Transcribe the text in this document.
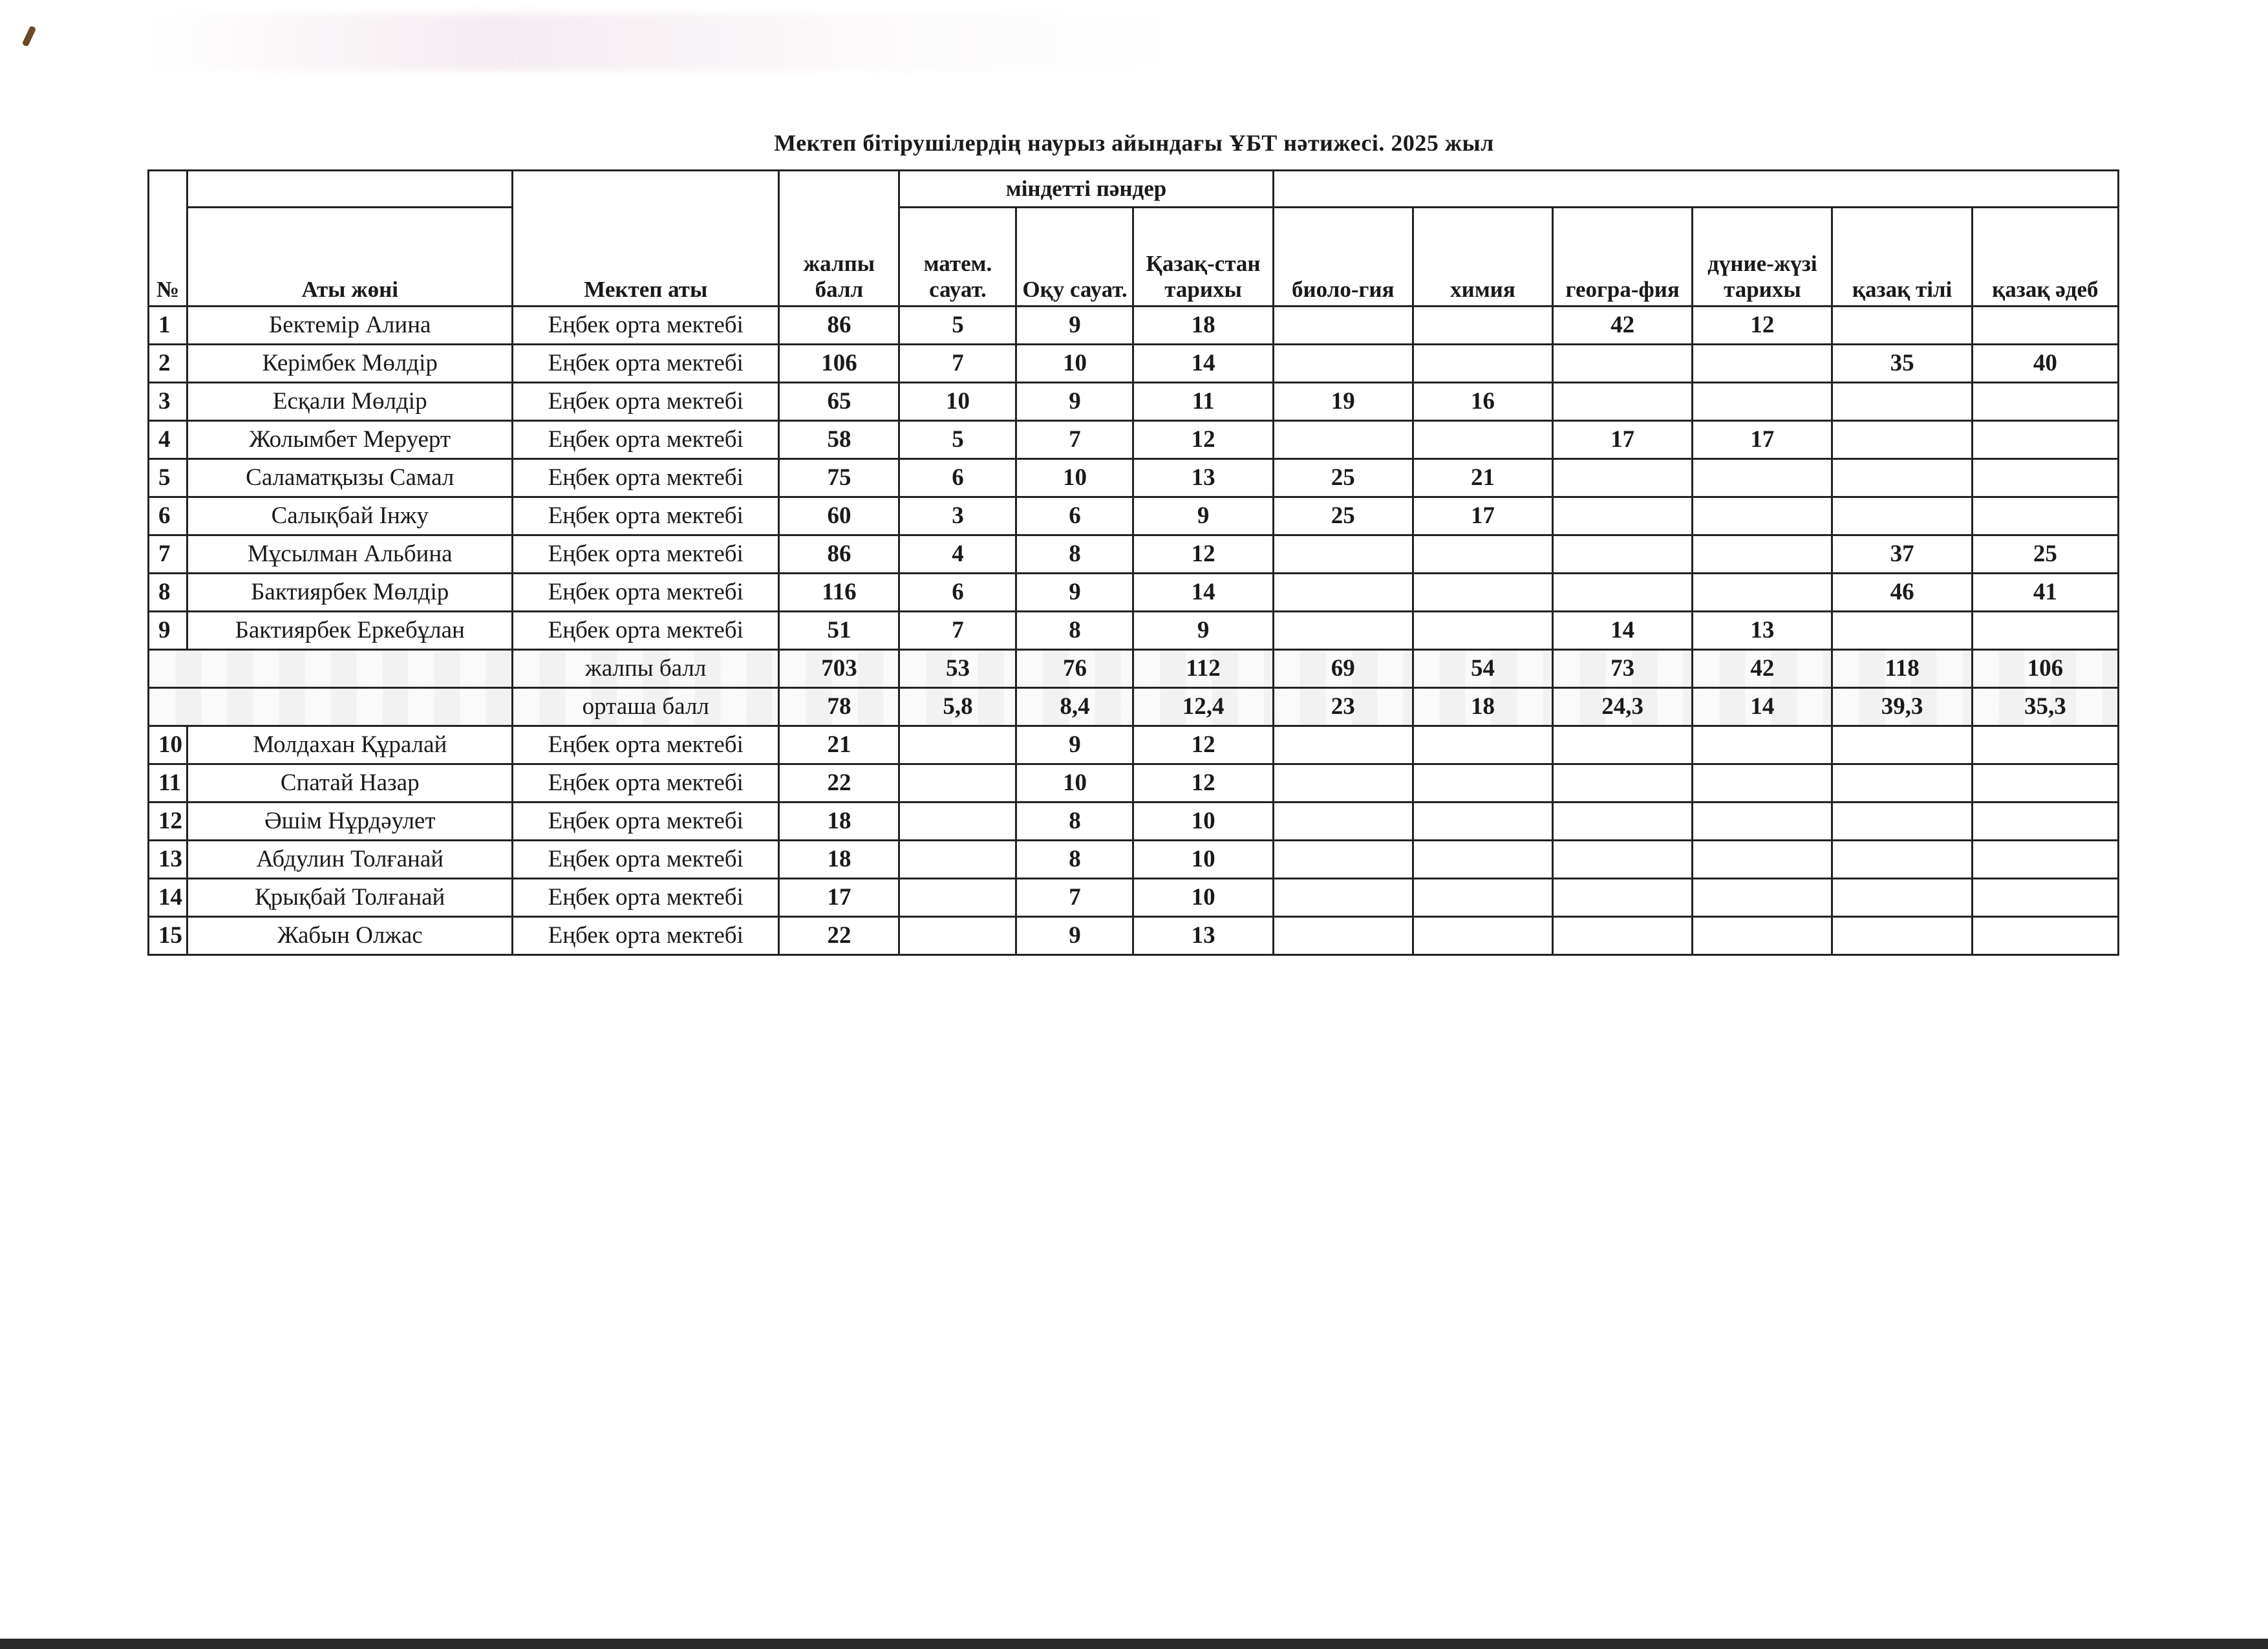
Мектеп бітірушілердің наурыз айындағы ҰБТ нәтижесі. 2025 жыл
№		Мектеп аты	жалпы балл	міндетті пәндер								
	Аты жөні			матем. сауат.	Оқу сауат.	Қазақ-стан тарихы	биоло-гия	химия	геогра-фия	дүние-жүзі тарихы	қазақ тілі	қазақ әдеб
1	Бектемір Алина	Еңбек орта мектебі	86	5	9	18			42	12		
2	Керімбек Мөлдір	Еңбек орта мектебі	106	7	10	14					35	40
3	Есқали Мөлдір	Еңбек орта мектебі	65	10	9	11	19	16				
4	Жолымбет Меруерт	Еңбек орта мектебі	58	5	7	12			17	17		
5	Саламатқызы Самал	Еңбек орта мектебі	75	6	10	13	25	21				
6	Салықбай Інжу	Еңбек орта мектебі	60	3	6	9	25	17				
7	Мұсылман Альбина	Еңбек орта мектебі	86	4	8	12					37	25
8	Бактиярбек Мөлдір	Еңбек орта мектебі	116	6	9	14					46	41
9	Бактиярбек Еркебұлан	Еңбек орта мектебі	51	7	8	9			14	13		
		жалпы балл	703	53	76	112	69	54	73	42	118	106
		орташа балл	78	5,8	8,4	12,4	23	18	24,3	14	39,3	35,3
10	Молдахан Құралай	Еңбек орта мектебі	21		9	12						
11	Спатай Назар	Еңбек орта мектебі	22		10	12						
12	Әшім Нұрдәулет	Еңбек орта мектебі	18		8	10						
13	Абдулин Толғанай	Еңбек орта мектебі	18		8	10						
14	Қрықбай Толғанай	Еңбек орта мектебі	17		7	10						
15	Жабын Олжас	Еңбек орта мектебі	22		9	13						
